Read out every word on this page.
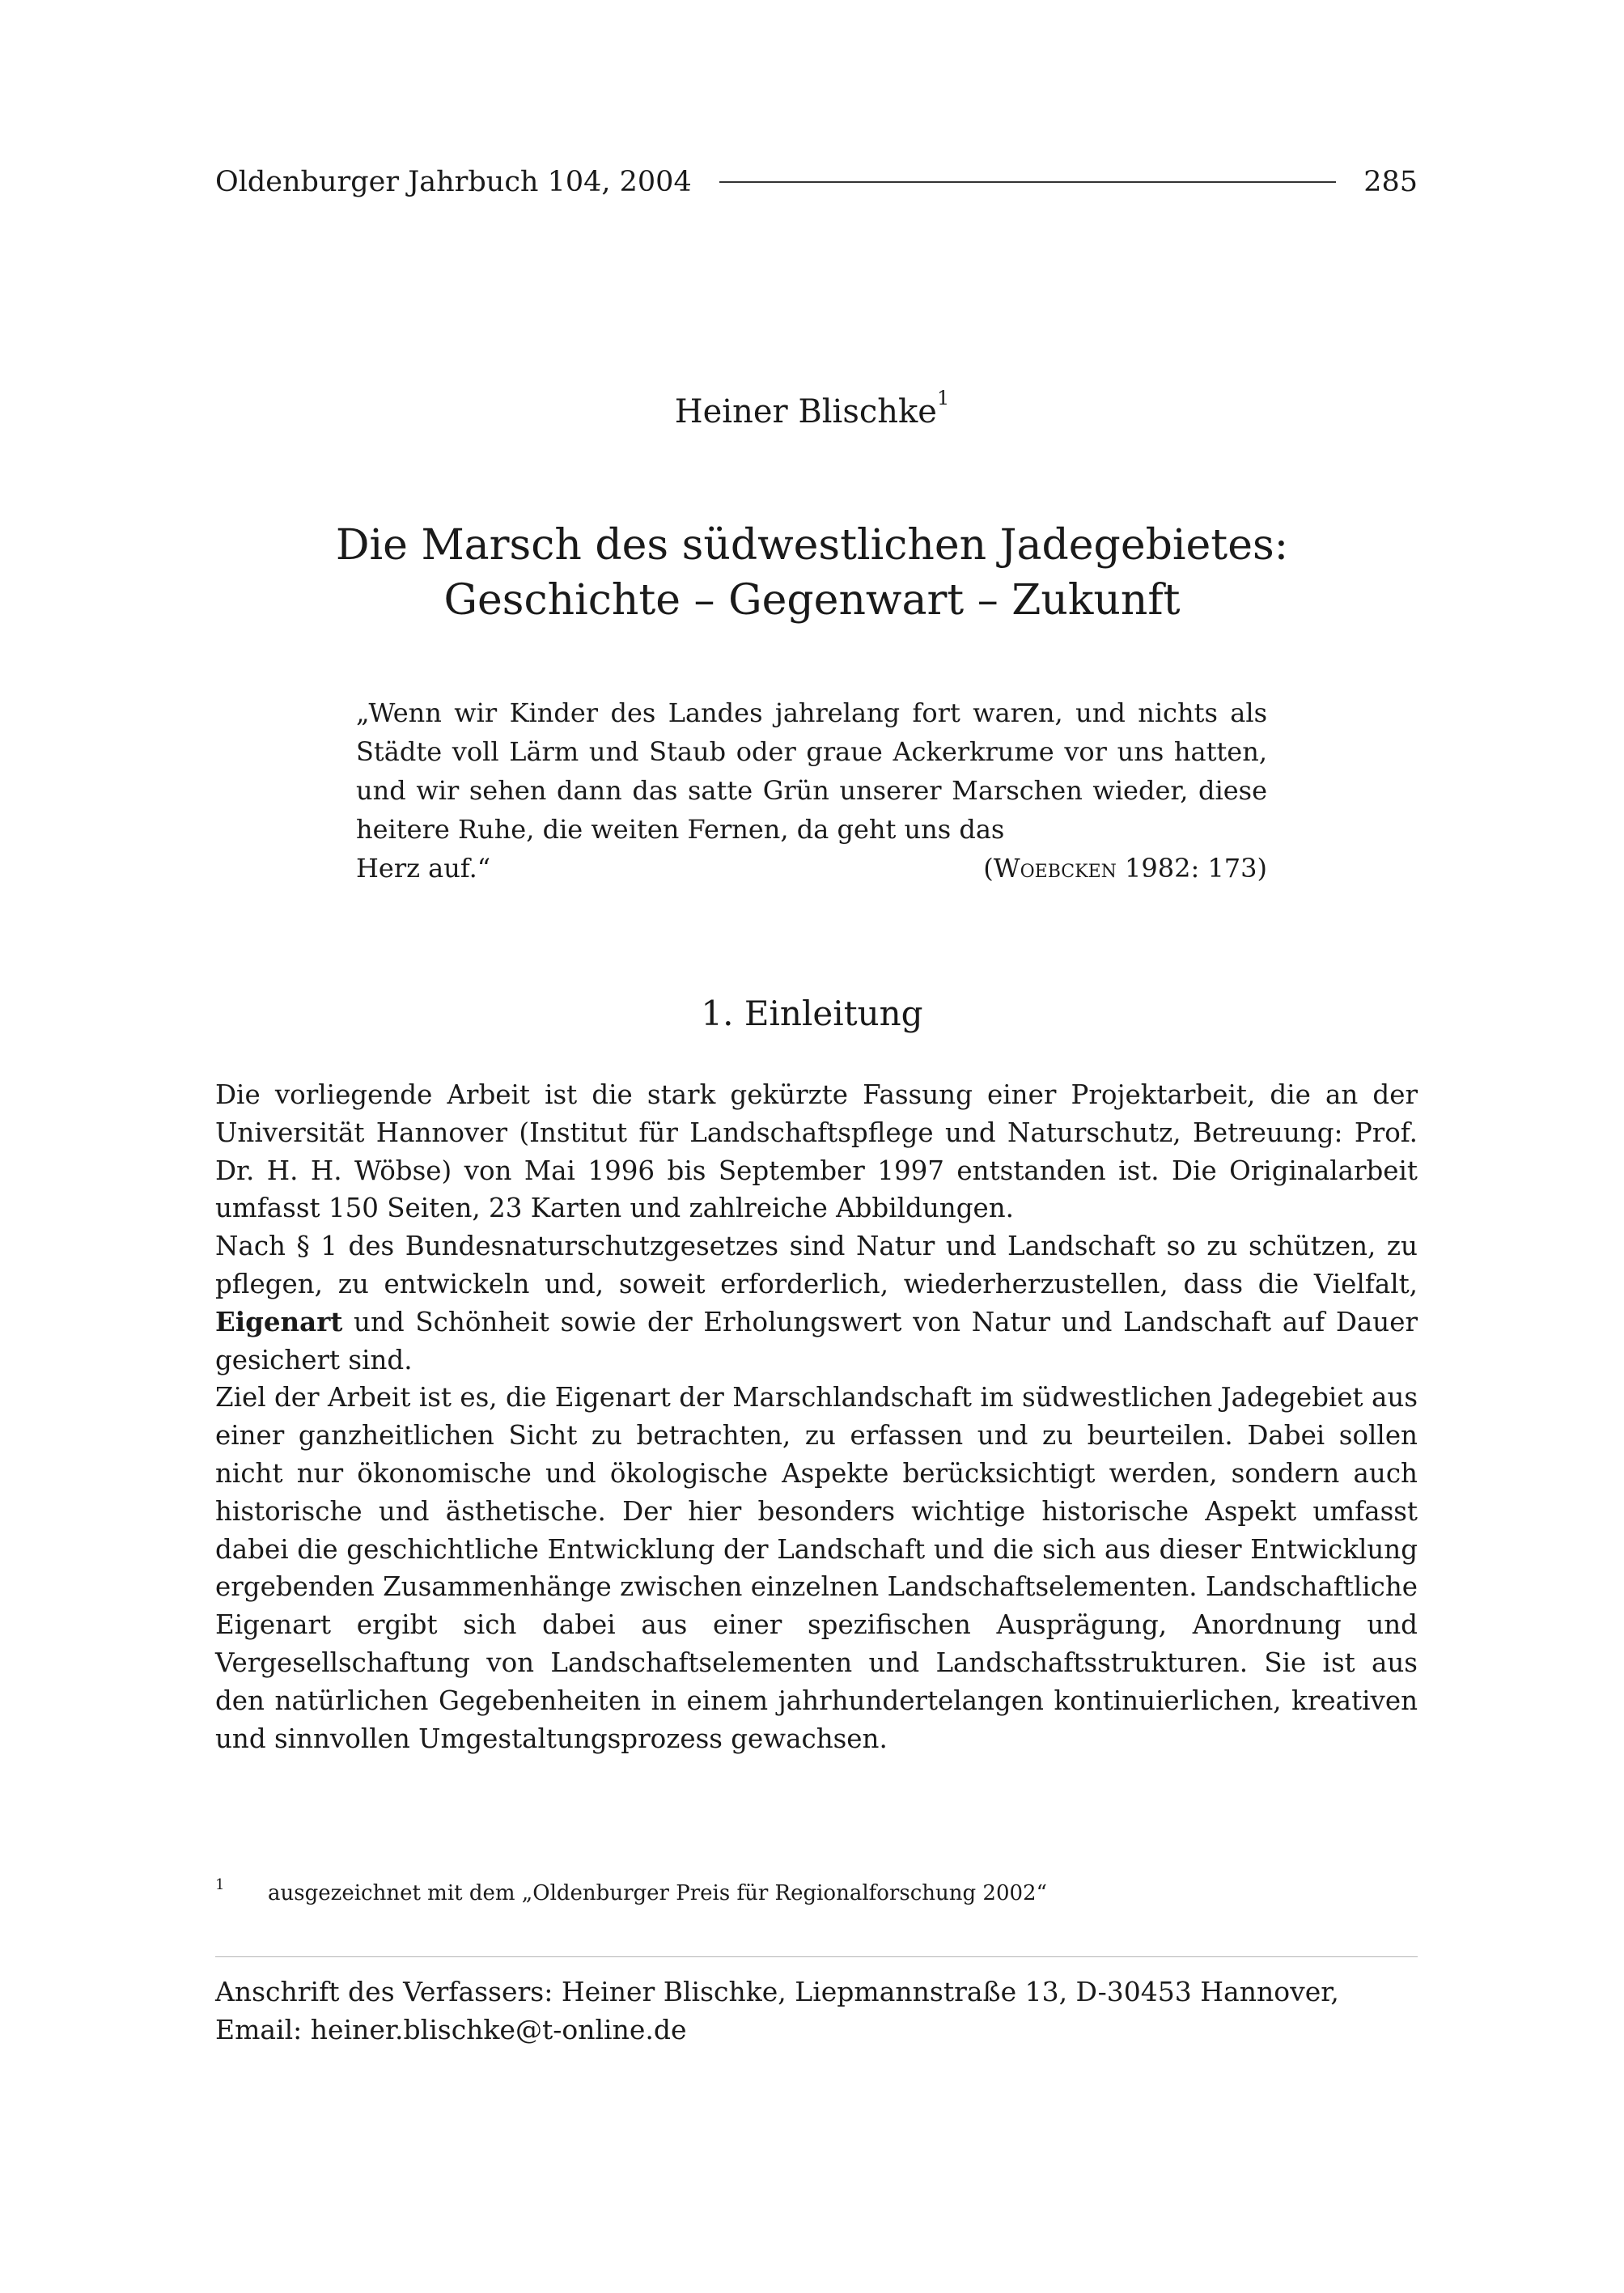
Oldenburger Jahrbuch 104, 2004	285
Heiner Blischke$^1$
Die Marsch des südwestlichen Jadegebietes:
Geschichte – Gegenwart – Zukunft
„Wenn wir Kinder des Landes jahrelang fort waren, und nichts als Städte voll Lärm und Staub oder graue Ackerkrume vor uns hatten, und wir sehen dann das satte Grün unserer Marschen wieder, diese heitere Ruhe, die weiten Fernen, da geht uns das
Herz auf.“	(Woebcken 1982: 173)
1. Einleitung

Die vorliegende Arbeit ist die stark gekürzte Fassung einer Projektarbeit, die an der Universität Hannover (Institut für Landschaftspflege und Naturschutz, Betreuung: Prof. Dr. H. H. Wöbse) von Mai 1996 bis September 1997 entstanden ist. Die Originalarbeit umfasst 150 Seiten, 23 Karten und zahlreiche Abbildungen.

Nach § 1 des Bundesnaturschutzgesetzes sind Natur und Landschaft so zu schützen, zu pflegen, zu entwickeln und, soweit erforderlich, wiederherzustellen, dass die Vielfalt, Eigenart und Schönheit sowie der Erholungswert von Natur und Landschaft auf Dauer gesichert sind.

Ziel der Arbeit ist es, die Eigenart der Marschlandschaft im südwestlichen Jadegebiet aus einer ganzheitlichen Sicht zu betrachten, zu erfassen und zu beurteilen. Dabei sollen nicht nur ökonomische und ökologische Aspekte berücksichtigt werden, sondern auch historische und ästhetische. Der hier besonders wichtige historische Aspekt umfasst dabei die geschichtliche Entwicklung der Landschaft und die sich aus dieser Entwicklung ergebenden Zusammenhänge zwischen einzelnen Landschaftselementen. Landschaftliche Eigenart ergibt sich dabei aus einer spezifischen Ausprägung, Anordnung und Vergesellschaftung von Landschaftselementen und Landschaftsstrukturen. Sie ist aus den natürlichen Gegebenheiten in einem jahrhundertelangen kontinuierlichen, kreativen und sinnvollen Umgestaltungsprozess gewachsen.

1	ausgezeichnet mit dem „Oldenburger Preis für Regionalforschung 2002“
Anschrift des Verfassers: Heiner Blischke, Liepmannstraße 13, D-30453 Hannover,
Email: heiner.blischke@t-online.de
